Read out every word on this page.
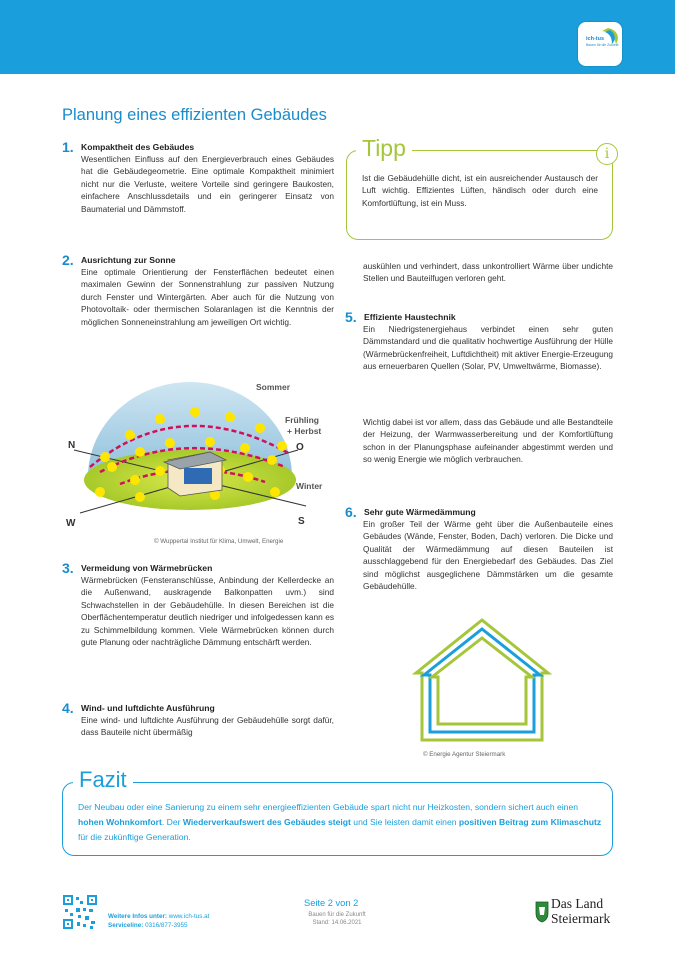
ich-tus
Bauen für die Zukunft
Planung eines effizienten Gebäudes
1. Kompaktheit des Gebäudes
Wesentlichen Einfluss auf den Energieverbrauch eines Gebäudes hat die Gebäudegeometrie. Eine optimale Kompaktheit minimiert nicht nur die Verluste, weitere Vorteile sind geringere Baukosten, einfachere Anschlussdetails und ein geringerer Einsatz von Baumaterial und Dämmstoff.
2. Ausrichtung zur Sonne
Eine optimale Orientierung der Fensterflächen bedeutet einen maximalen Gewinn der Sonnenstrahlung zur passiven Nutzung durch Fenster und Wintergärten. Aber auch für die Nutzung von Photovoltaik- oder thermischen Solaranlagen ist die Kenntnis der möglichen Sonneneinstrahlung am jeweiligen Ort wichtig.
Sommer
Frühling
+ Herbst
Winter
N	O
W	S
© Wuppertal Institut für Klima, Umwelt, Energie
3. Vermeidung von Wärmebrücken
Wärmebrücken (Fensteranschlüsse, Anbindung der Kellerdecke an die Außenwand, auskragende Balkonpatten uvm.) sind Schwachstellen in der Gebäudehülle. In diesen Bereichen ist die Oberflächentemperatur deutlich niedriger und infolgedessen kann es zu Schimmelbildung kommen. Viele Wärmebrücken können durch gute Planung oder nachträgliche Dämmung entschärft werden.
4. Wind- und luftdichte Ausführung
Eine wind- und luftdichte Ausführung der Gebäudehülle sorgt dafür, dass Bauteile nicht übermäßig
Tipp	i
Ist die Gebäudehülle dicht, ist ein ausreichender Austausch der Luft wichtig. Effizientes Lüften, händisch oder durch eine Komfortlüftung, ist ein Muss.
auskühlen und verhindert, dass unkontrolliert Wärme über undichte Stellen und Bauteilfugen verloren geht.
5. Effiziente Haustechnik
Ein Niedrigstenergiehaus verbindet einen sehr guten Dämmstandard und die qualitativ hochwertige Ausführung der Hülle (Wärmebrückenfreiheit, Luftdichtheit) mit aktiver Energie-Erzeugung aus erneuerbaren Quellen (Solar, PV, Umweltwärme, Biomasse).
Wichtig dabei ist vor allem, dass das Gebäude und alle Bestandteile der Heizung, der Warmwasserbereitung und der Komfortlüftung schon in der Planungsphase aufeinander abgestimmt werden und so wenig Energie wie möglich verbrauchen.
6. Sehr gute Wärmedämmung
Ein großer Teil der Wärme geht über die Außenbauteile eines Gebäudes (Wände, Fenster, Boden, Dach) verloren. Die Dicke und Qualität der Wärmedämmung auf diesen Bauteilen ist ausschlaggebend für den Energiebedarf des Gebäudes. Das Ziel sind möglichst ausgeglichene Dämmstärken um die gesamte Gebäudehülle.
© Energie Agentur Steiermark
Fazit
Der Neubau oder eine Sanierung zu einem sehr energieeffizienten Gebäude spart nicht nur Heizkosten, sondern sichert auch einen hohen Wohnkomfort. Der Wiederverkaufswert des Gebäudes steigt und Sie leisten damit einen positiven Beitrag zum Klimaschutz für die zukünftige Generation.
Weitere Infos unter: www.ich-tus.at
Serviceline: 0316/877-3955
Seite 2 von 2
Bauen für die Zukunft
Stand: 14.06.2021
Das Land
Steiermark
